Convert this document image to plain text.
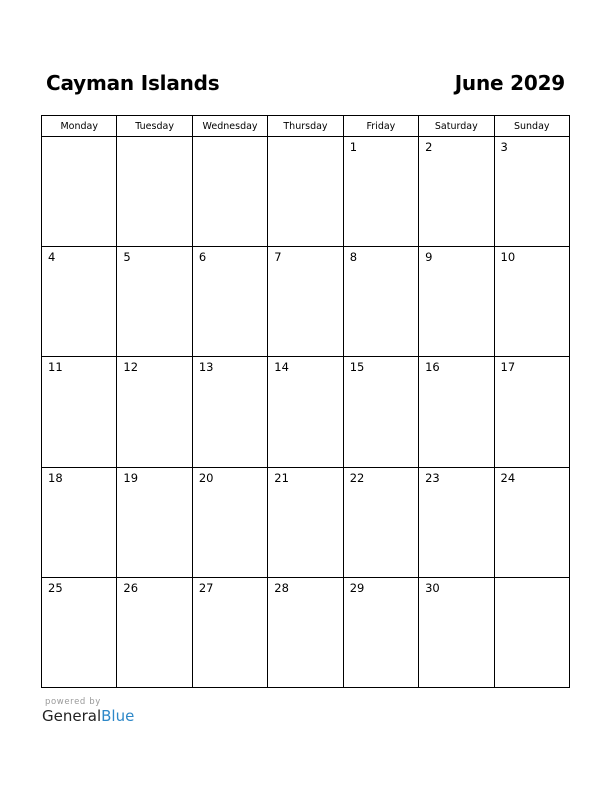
Cayman Islands	June 2029
Monday	Tuesday	Wednesday	Thursday	Friday	Saturday	Sunday

				1	2	3

4	5	6	7	8	9	10

11	12	13	14	15	16	17

18	19	20	21	22	23	24

25	26	27	28	29	30	

powered by
GeneralBlue
